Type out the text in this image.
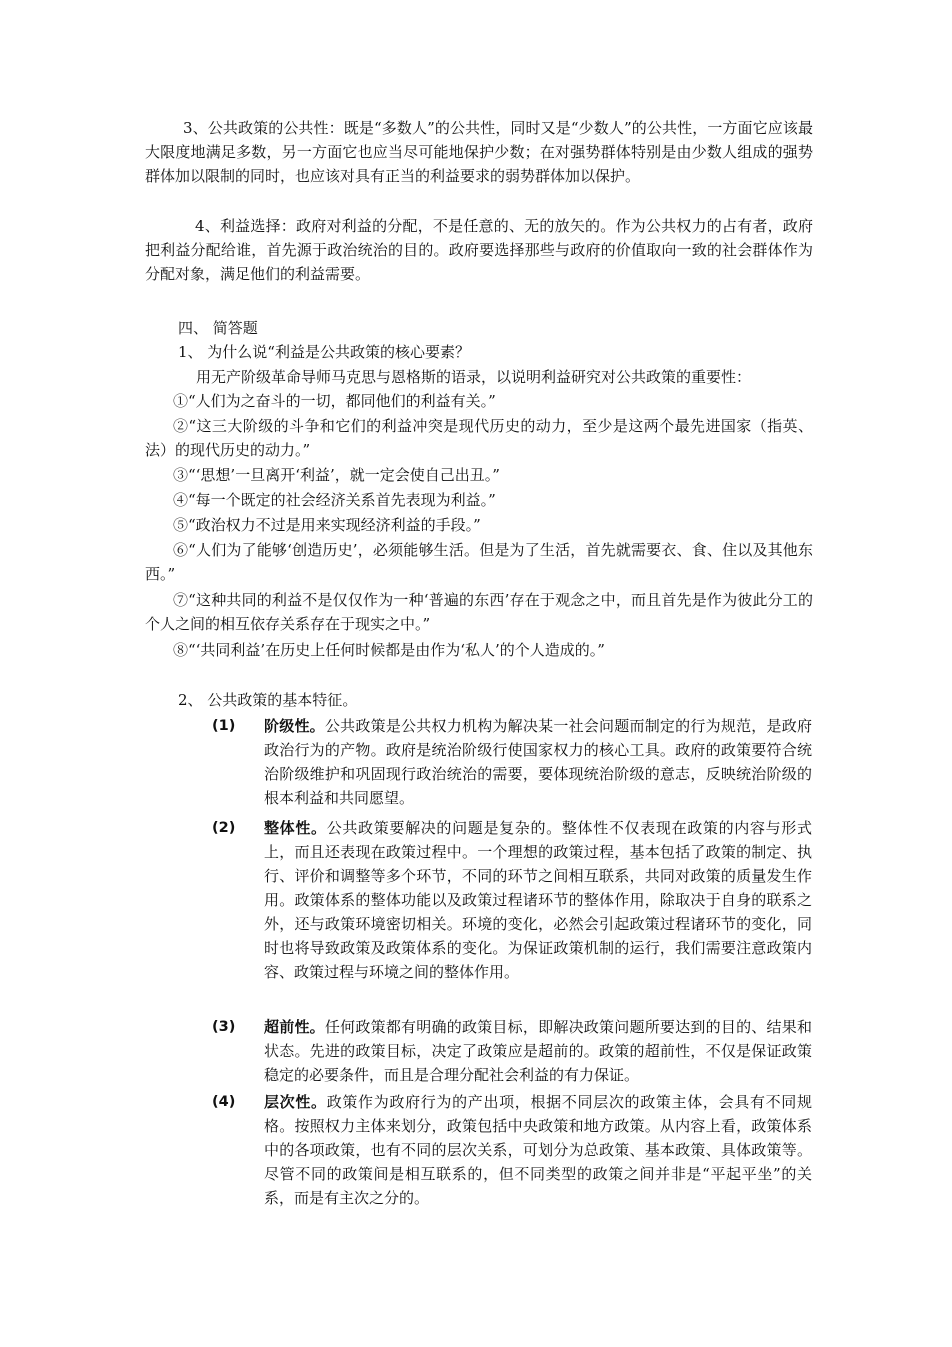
3、公共政策的公共性：既是“多数人”的公共性，同时又是“少数人”的公共性，一方面它应该最大限度地满足多数，另一方面它也应当尽可能地保护少数；在对强势群体特别是由少数人组成的强势群体加以限制的同时，也应该对具有正当的利益要求的弱势群体加以保护。

4、利益选择：政府对利益的分配，不是任意的、无的放矢的。作为公共权力的占有者，政府把利益分配给谁，首先源于政治统治的目的。政府要选择那些与政府的价值取向一致的社会群体作为分配对象，满足他们的利益需要。

四、 简答题

1、 为什么说“利益是公共政策的核心要素？

用无产阶级革命导师马克思与恩格斯的语录，以说明利益研究对公共政策的重要性：

①“人们为之奋斗的一切，都同他们的利益有关。”

②“这三大阶级的斗争和它们的利益冲突是现代历史的动力，至少是这两个最先进国家（指英、法）的现代历史的动力。”

③“‘思想’一旦离开‘利益’，就一定会使自己出丑。”

④“每一个既定的社会经济关系首先表现为利益。”

⑤“政治权力不过是用来实现经济利益的手段。”

⑥“人们为了能够‘创造历史’，必须能够生活。但是为了生活，首先就需要衣、食、住以及其他东西。”

⑦“这种共同的利益不是仅仅作为一种‘普遍的东西’存在于观念之中，而且首先是作为彼此分工的个人之间的相互依存关系存在于现实之中。”

⑧“‘共同利益’在历史上任何时候都是由作为‘私人’的个人造成的。”

2、 公共政策的基本特征。

(1) 阶级性。公共政策是公共权力机构为解决某一社会问题而制定的行为规范，是政府政治行为的产物。政府是统治阶级行使国家权力的核心工具。政府的政策要符合统治阶级维护和巩固现行政治统治的需要，要体现统治阶级的意志，反映统治阶级的根本利益和共同愿望。

(2) 整体性。公共政策要解决的问题是复杂的。整体性不仅表现在政策的内容与形式上，而且还表现在政策过程中。一个理想的政策过程，基本包括了政策的制定、执行、评价和调整等多个环节，不同的环节之间相互联系，共同对政策的质量发生作用。政策体系的整体功能以及政策过程诸环节的整体作用，除取决于自身的联系之外，还与政策环境密切相关。环境的变化，必然会引起政策过程诸环节的变化，同时也将导致政策及政策体系的变化。为保证政策机制的运行，我们需要注意政策内容、政策过程与环境之间的整体作用。

(3) 超前性。任何政策都有明确的政策目标，即解决政策问题所要达到的目的、结果和状态。先进的政策目标，决定了政策应是超前的。政策的超前性，不仅是保证政策稳定的必要条件，而且是合理分配社会利益的有力保证。

(4) 层次性。政策作为政府行为的产出项，根据不同层次的政策主体，会具有不同规格。按照权力主体来划分，政策包括中央政策和地方政策。从内容上看，政策体系中的各项政策，也有不同的层次关系，可划分为总政策、基本政策、具体政策等。尽管不同的政策间是相互联系的，但不同类型的政策之间并非是“平起平坐”的关系，而是有主次之分的。
